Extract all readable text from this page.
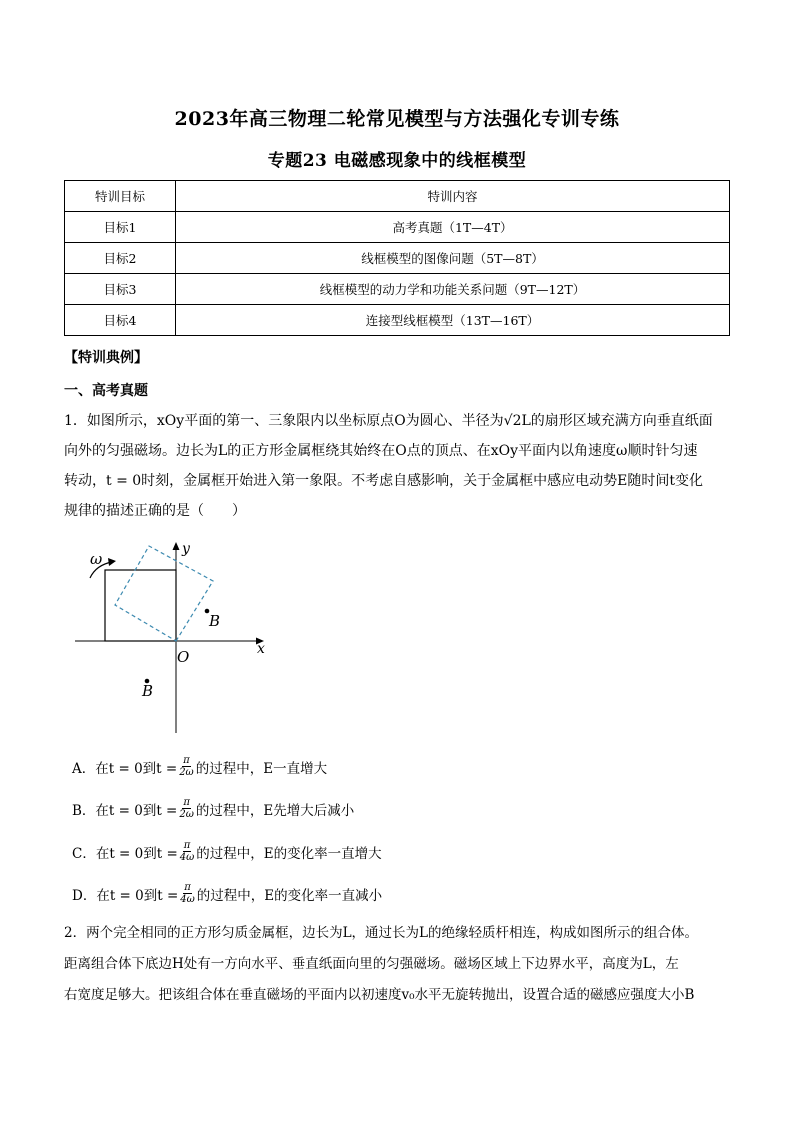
2023年高三物理二轮常见模型与方法强化专训专练
专题23 电磁感现象中的线框模型
特训目标	特训内容
目标1	高考真题（1T—4T）
目标2	线框模型的图像问题（5T—8T）
目标3	线框模型的动力学和功能关系问题（9T—12T）
目标4	连接型线框模型（13T—16T）
【特训典例】
一、高考真题
1．如图所示，xOy平面的第一、三象限内以坐标原点O为圆心、半径为√2L的扇形区域充满方向垂直纸面
向外的匀强磁场。边长为L的正方形金属框绕其始终在O点的顶点、在xOy平面内以角速度ω顺时针匀速
转动，t = 0时刻，金属框开始进入第一象限。不考虑自感影响，关于金属框中感应电动势E随时间t变化
规律的描述正确的是（　　）
ω
y
x
O
B
B
A．在t = 0到$t = \frac{\pi}{2\omega}$ 的过程中，E一直增大
B．在t = 0到$t = \frac{\pi}{2\omega}$ 的过程中，E先增大后减小
C．在t = 0到$t = \frac{\pi}{4\omega}$ 的过程中，E的变化率一直增大
D．在t = 0到$t = \frac{\pi}{4\omega}$ 的过程中，E的变化率一直减小
2．两个完全相同的正方形匀质金属框，边长为L，通过长为L的绝缘轻质杆相连，构成如图所示的组合体。
距离组合体下底边H处有一方向水平、垂直纸面向里的匀强磁场。磁场区域上下边界水平，高度为L，左
右宽度足够大。把该组合体在垂直磁场的平面内以初速度v₀水平无旋转抛出，设置合适的磁感应强度大小B
